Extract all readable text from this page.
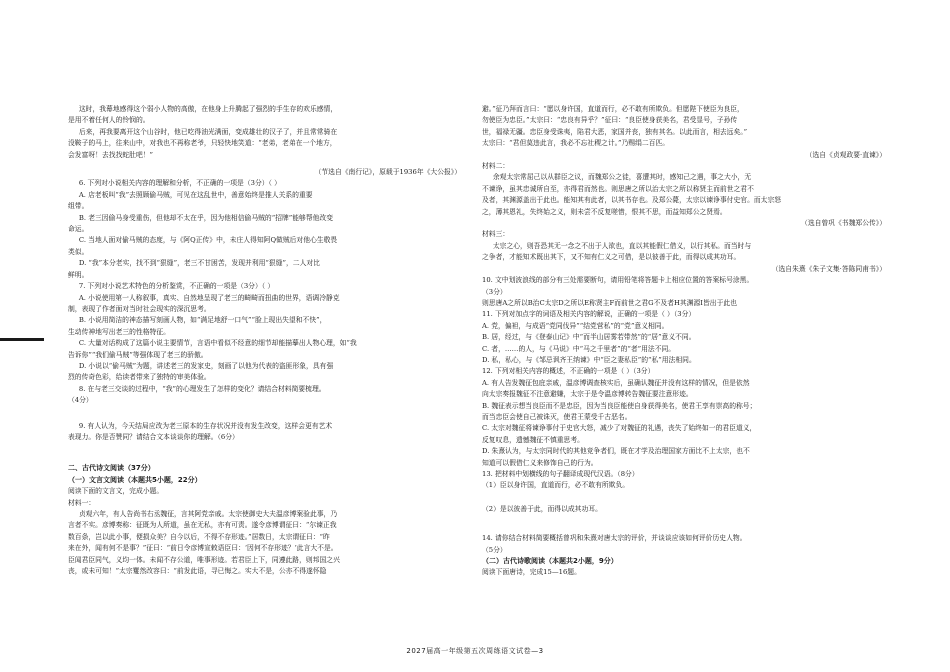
这时，我幕地感得这个弱小人物的高傲，在他身上升腾起了强烈的手生存的欢乐感情，

是用不着任何人的怜悯的。

后来，再我要离开这个山谷时，他已吃得油光满面，变成雄壮的汉子了，并且常常骑在

没鞍子的马上，往来山中，对我也不再称老爷，只轻快地笑道：“老弟，老弟在一个地方，

会发富呀！去找找蛇肚吧！”

（节选自《南行记》，原载于1936年《大公报》）

6. 下列对小说相关内容的理解和分析，不正确的一项是（3分）（ ）

A. 店老板叫“我”去照顾偷马贼，可见在这乱世中，善意始终是推人关系的重要

组带。

B. 老三因偷马身受重伤，但他却不太在乎，因为他相信偷马贼的“招牌”能够帮他改变

命运。

C. 当地人面对偷马贼的态度，与《阿Q正传》中，未庄人得知阿Q做贼后对他心生敬畏

类似。

D. “我”本分老实，找不到“狠缝”，老三不甘困苦，发现并利用“狠缝”，二人对比

鲜明。

7. 下列对小说艺术特色的分析鉴赏，不正确的一项是（3分）（ ）

A. 小说使用第一人称叙事，真实、自然地呈现了老三的畸畸而扭曲的世界，语调冷静克

制，表现了作者面对当时社会现实的深沉思考。

B. 小说用简洁的神态描写刻画人物，如“满足地舒一口气”“脸上现出失望和不快”，

生动传神地写出老三的性格特征。

C. 大量对话构成了这篇小说主要情节，言语中看似不经意的细节却能描摹出人物心理，如“我

告诉你”“我们偷马贼”等强体现了老三的骄傲。

D. 小说以“偷马贼”为题，讲述老三的发家史，刻画了以他为代表的盗匪形象，具有强

烈的传奇色彩，给读者带来了独特的审美体验。

8. 在与老三交谈的过程中，“我”的心理发生了怎样的变化？请结合材料简要梳理。

（4分）

9. 有人认为，今天结局应改为老三原本的生存状况并没有发生改变，这样会更有艺术

表现力。你是否赞同？请结合文本谈谈你的理解。（6分）

二、古代诗文阅读（37分）

（一）文言文阅读（本题共5小题，22分）

阅读下面的文言文，完成小题。

材料一：

贞观六年，有人告尚书右丞魏征，言其阿党亲戚。太宗使御史大夫温彦博案验此事，乃

言者不实。彦博奏称：征既为人所道，虽在无私，亦有可责。遂令彦博谓征曰：“尔谏正我

数百条，岂以此小事，便损众美？自今以后，不得不存形迹。”居数日，太宗谓征曰：“昨

来在外，闻有何不是事？”征曰：“前日令彦博宣敕语臣曰：‘因何不存形迹？’此言大不是。

臣闻君臣同气，义均一体。未闻不存公道，唯事形迹。若君臣上下，同遵此路，则邦国之兴

丧，或未可知！”太宗矍然改容曰：“前发此语，寻已悔之。实大不是，公亦不得遂怀隐

避。”征乃拜而言曰：“愿以身许国，直道而行，必不敢有所欺负。但愿陛下使臣为良臣，

勿使臣为忠臣。”太宗曰：“忠良有异乎？”征曰：“良臣使身获美名，君受显号，子孙传

世，福禄无疆。忠臣身受诛夷，陷君大恶，家国并丧，独有其名。以此而言，相去远矣。”

太宗曰：“君但莫违此言，我必不忘社稷之计。”乃赐绢二百匹。

（选自《贞观政要·直谏》）

材料二：

余观太宗常屈己以从群臣之议，而魏郑公之徒，喜遭其时，感知己之遇，事之大小，无

不谏诤，虽其忠诚所自至，亦得君而然也。则思唐之所以治太宗之所以称贤主而前世之君不

及者，其渊源盖出于此也。能知其有此者，以其书存也。及郑公薨，太宗以谏诤事付史官。而太宗怒

之，薄其恩礼，失终始之义，则未尝不反复嗟惜，恨其不思，而益知郑公之贤焉。

（选自曾巩《书魏郑公传》）

材料三：

太宗之心，则吾恐其无一念之不出于人欲也，直以其能假仁借义，以行其私。而当时与

之争者，才能知术既出其下，又不知有仁义之可借，是以彼善于此，而得以成其功耳。

（选自朱熹《朱子文集·答陈同甫书》）

10. 文中划波浪线的部分有三处需要断句，请用铅笔将答题卡上相应位置的答案标号涂黑。

（3分）

则思唐A之所以B治C太宗D之所以E称贤主F而前世之君G不及者H其渊源I皆出于此也

11. 下列对加点字的词语及相关内容的解说，正确的一项是（ ）（3分）

A. 党，偏袒，与成语“党同伐异”“结党营私”的“党”意义相同。

B. 居，经过，与《登泰山记》中“而半山居雾若带然”的“居”意义不同。

C. 者，……的人，与《马说》中“马之千里者”的“者”用法不同。

D. 私，私心，与《邹忌讽齐王纳谏》中“臣之妻私臣”的“私”用法相同。

12. 下列对相关内容的概述，不正确的一项是（ ）（3分）

A. 有人告发魏征包庇亲戚，温彦博调查核实后，虽确认魏征并没有这样的情况，但是依然

向太宗奏报魏征不注意避嫌，太宗于是令温彦博转告魏征要注意形迹。

B. 魏征表示想当良臣而不是忠臣，因为当良臣能使自身获得美名，使君王享有崇高的称号；

而当忠臣会使自己被诛灭，使君王蒙受千古恶名。

C. 太宗对魏征将谏诤事付于史官大怒，减少了对魏征的礼遇，丧失了始终如一的君臣道义，

反复叹息，遗憾魏征不慎重思考。

D. 朱熹认为，与太宗同时代的其他竞争者们，既在才学及治理国家方面比不上太宗，也不

知道可以假借仁义来修饰自己的行为。

13. 把材料中划横线的句子翻译成现代汉语。（8分）

（1）臣以身许国，直道而行，必不敢有所欺负。

（2）是以彼善于此，而得以成其功耳。

14. 请你结合材料简要概括曾巩和朱熹对唐太宗的评价，并谈谈应该如何评价历史人物。

（5分）

（二）古代诗歌阅读（本题共2小题，9分）

阅读下面唐诗，完成15—16题。

2027届高一年级第五次周练语文试卷—3
